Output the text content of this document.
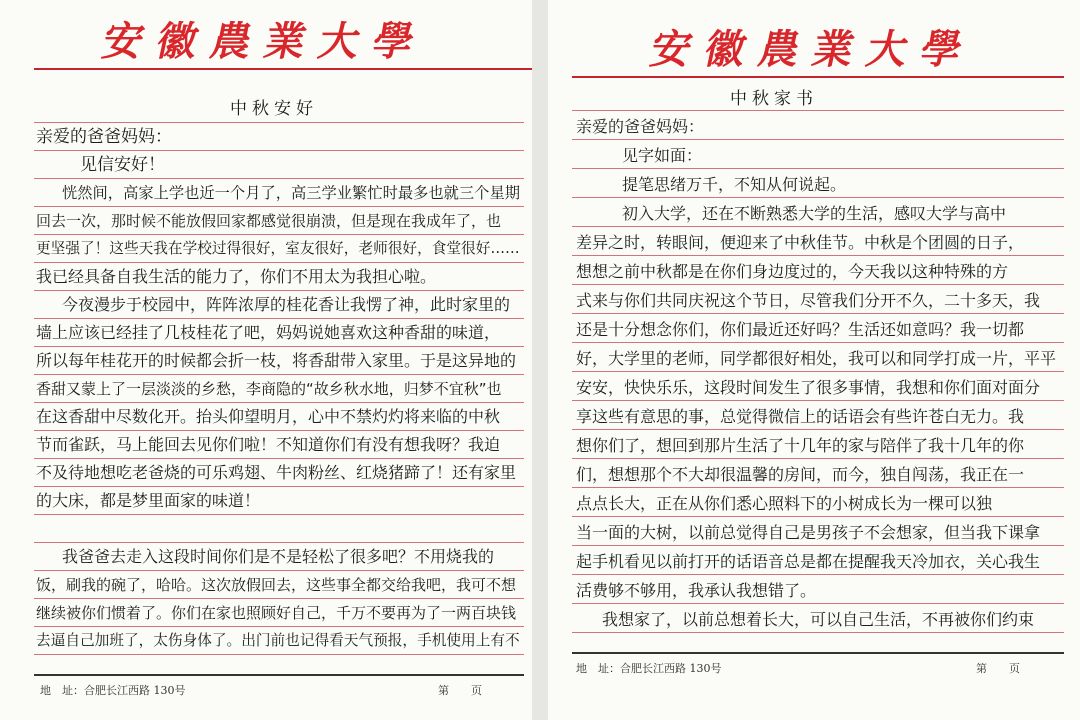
安徽農業大學
中秋安好
亲爱的爸爸妈妈：
见信安好！
恍然间，高家上学也近一个月了，高三学业繁忙时最多也就三个星期
回去一次，那时候不能放假回家都感觉很崩溃，但是现在我成年了，也
更坚强了！这些天我在学校过得很好，室友很好，老师很好，食堂很好……
我已经具备自我生活的能力了，你们不用太为我担心啦。
今夜漫步于校园中，阵阵浓厚的桂花香让我愣了神，此时家里的
墙上应该已经挂了几枝桂花了吧，妈妈说她喜欢这种香甜的味道，
所以每年桂花开的时候都会折一枝，将香甜带入家里。于是这异地的
香甜又蒙上了一层淡淡的乡愁，李商隐的“故乡秋水地，归梦不宜秋”也
在这香甜中尽数化开。抬头仰望明月，心中不禁灼灼将来临的中秋
节而雀跃，马上能回去见你们啦！不知道你们有没有想我呀？我迫
不及待地想吃老爸烧的可乐鸡翅、牛肉粉丝、红烧猪蹄了！还有家里
的大床，都是梦里面家的味道！
我爸爸去走入这段时间你们是不是轻松了很多吧？不用烧我的
饭，刷我的碗了，哈哈。这次放假回去，这些事全都交给我吧，我可不想
继续被你们惯着了。你们在家也照顾好自己，千万不要再为了一两百块钱
去逼自己加班了，太伤身体了。出门前也记得看天气预报，手机使用上有不
地　址：合肥长江西路 130号	第　　页
安徽農業大學
中秋家书
亲爱的爸爸妈妈：
见字如面：
提笔思绪万千，不知从何说起。
初入大学，还在不断熟悉大学的生活，感叹大学与高中
差异之时，转眼间，便迎来了中秋佳节。中秋是个团圆的日子，
想想之前中秋都是在你们身边度过的，今天我以这种特殊的方
式来与你们共同庆祝这个节日，尽管我们分开不久，二十多天，我
还是十分想念你们，你们最近还好吗？生活还如意吗？我一切都
好，大学里的老师，同学都很好相处，我可以和同学打成一片，平平
安安，快快乐乐，这段时间发生了很多事情，我想和你们面对面分
享这些有意思的事，总觉得微信上的话语会有些许苍白无力。我
想你们了，想回到那片生活了十几年的家与陪伴了我十几年的你
们，想想那个不大却很温馨的房间，而今，独自闯荡，我正在一
点点长大，正在从你们悉心照料下的小树成长为一棵可以独
当一面的大树，以前总觉得自己是男孩子不会想家，但当我下课拿
起手机看见以前打开的话语音总是都在提醒我天冷加衣，关心我生
活费够不够用，我承认我想错了。
我想家了，以前总想着长大，可以自己生活，不再被你们约束
地　址：合肥长江西路 130号	第　　页
